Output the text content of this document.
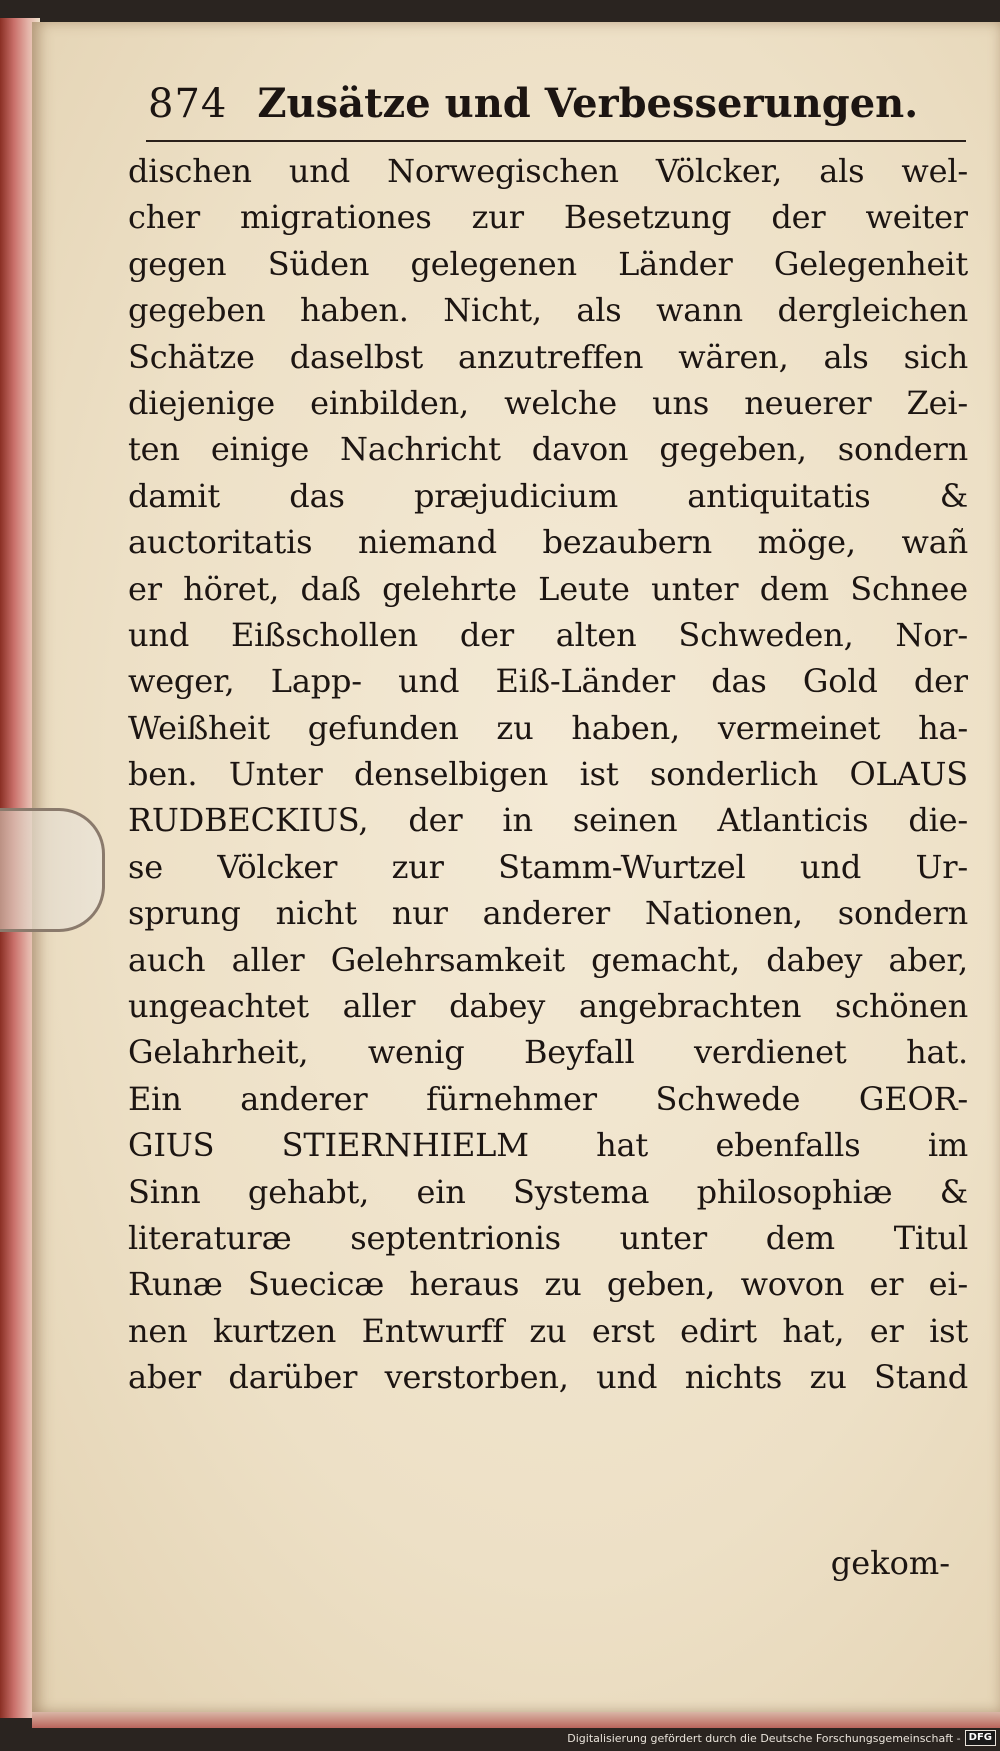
874 Zusätze und Verbesserungen.
dischen und Norwegischen Völcker, als wel-
cher migrationes zur Besetzung der weiter
gegen Süden gelegenen Länder Gelegenheit
gegeben haben. Nicht, als wann dergleichen
Schätze daselbst anzutreffen wären, als sich
diejenige einbilden, welche uns neuerer Zei-
ten einige Nachricht davon gegeben, sondern
damit das præjudicium antiquitatis &
auctoritatis niemand bezaubern möge, wañ
er höret, daß gelehrte Leute unter dem Schnee
und Eißschollen der alten Schweden, Nor-
weger, Lapp- und Eiß-Länder das Gold der
Weißheit gefunden zu haben, vermeinet ha-
ben. Unter denselbigen ist sonderlich OLAUS
RUDBECKIUS, der in seinen Atlanticis die-
se Völcker zur Stamm-Wurtzel und Ur-
sprung nicht nur anderer Nationen, sondern
auch aller Gelehrsamkeit gemacht, dabey aber,
ungeachtet aller dabey angebrachten schönen
Gelahrheit, wenig Beyfall verdienet hat.
Ein anderer fürnehmer Schwede GEOR-
GIUS STIERNHIELM hat ebenfalls im
Sinn gehabt, ein Systema philosophiæ &
literaturæ septentrionis unter dem Titul
Runæ Suecicæ heraus zu geben, wovon er ei-
nen kurtzen Entwurff zu erst edirt hat, er ist
aber darüber verstorben, und nichts zu Stand
gekom-
Digitalisierung gefördert durch die Deutsche Forschungsgemeinschaft - DFG
